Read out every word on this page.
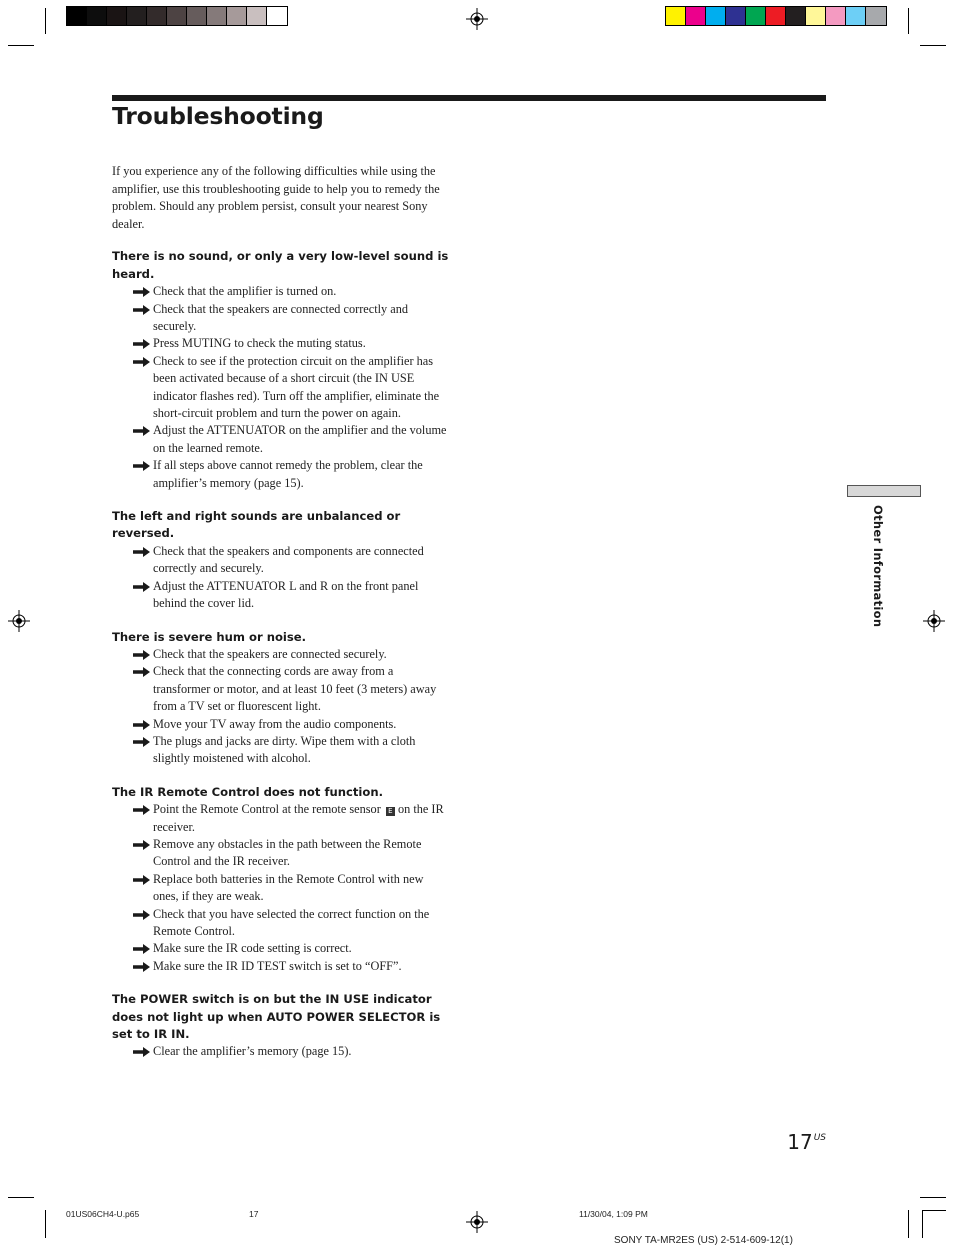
Troubleshooting

If you experience any of the following difficulties while using the amplifier, use this troubleshooting guide to help you to remedy the problem. Should any problem persist, consult your nearest Sony dealer.

There is no sound, or only a very low-level sound is heard.

Check that the amplifier is turned on.
Check that the speakers are connected correctly and securely.
Press MUTING to check the muting status.
Check to see if the protection circuit on the amplifier has been activated because of a short circuit (the IN USE indicator flashes red). Turn off the amplifier, eliminate the short-circuit problem and turn the power on again.
Adjust the ATTENUATOR on the amplifier and the volume on the learned remote.
If all steps above cannot remedy the problem, clear the amplifier’s memory (page 15).

The left and right sounds are unbalanced or reversed.

Check that the speakers and components are connected correctly and securely.
Adjust the ATTENUATOR L and R on the front panel behind the cover lid.

There is severe hum or noise.

Check that the speakers are connected securely.
Check that the connecting cords are away from a transformer or motor, and at least 10 feet (3 meters) away from a TV set or fluorescent light.
Move your TV away from the audio components.
The plugs and jacks are dirty. Wipe them with a cloth slightly moistened with alcohol.

The IR Remote Control does not function.

Point the Remote Control at the remote sensor E on the IR receiver.
Remove any obstacles in the path between the Remote Control and the IR receiver.
Replace both batteries in the Remote Control with new ones, if they are weak.
Check that you have selected the correct function on the Remote Control.
Make sure the IR code setting is correct.
Make sure the IR ID TEST switch is set to “OFF”.

The POWER switch is on but the IN USE indicator does not light up when AUTO POWER SELECTOR is set to IR IN.

Clear the amplifier’s memory (page 15).
Other Information
$17^{US}$
01US06CH4-U.p65	17	11/30/04, 1:09 PM
SONY TA-MR2ES (US) 2-514-609-12(1)
